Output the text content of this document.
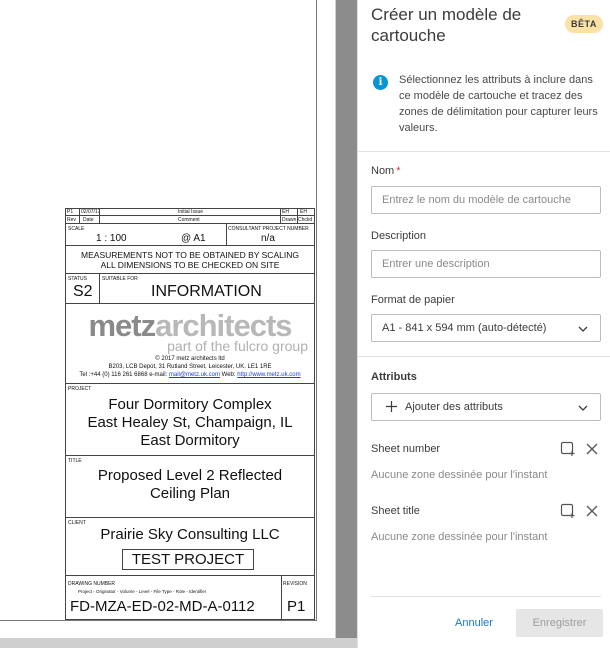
P1 02/07/17	Initial Issue	EH EH
Rev Date	Comment	Drawn Chckd
SCALE
1 : 100	@ A1
CONSULTANT PROJECT NUMBER
n/a
MEASUREMENTS NOT TO BE OBTAINED BY SCALING
ALL DIMENSIONS TO BE CHECKED ON SITE
STATUS
S2
SUITABLE FOR
INFORMATION
metzarchitects
part of the fulcro group
© 2017 metz architects ltd
B203, LCB Depot, 31 Rutland Street, Leicester, UK. LE1 1RE
Tel :+44 (0) 116 261 6868 e-mail: mail@metz.uk.com Web: http://www.metz.uk.com
PROJECT
Four Dormitory Complex
East Healey St, Champaign, IL
East Dormitory
TITLE
Proposed Level 2 Reflected
Ceiling Plan
CLIENT
Prairie Sky Consulting LLC
TEST PROJECT
DRAWING NUMBER
Project - Originator - Volume - Level - File Type - Role - Identifier
FD-MZA-ED-02-MD-A-0112
REVISION
P1
Créer un modèle de cartouche
BÊTA
i	Sélectionnez les attributs à inclure dans ce modèle de cartouche et tracez des zones de délimitation pour capturer leurs valeurs.
Nom *
Entrez le nom du modèle de cartouche
Description
Entrer une description
Format de papier
A1 - 841 x 594 mm (auto-détecté)
Attributs
Ajouter des attributs
Sheet number
Aucune zone dessinée pour l'instant
Sheet title
Aucune zone dessinée pour l'instant
Annuler	Enregistrer
